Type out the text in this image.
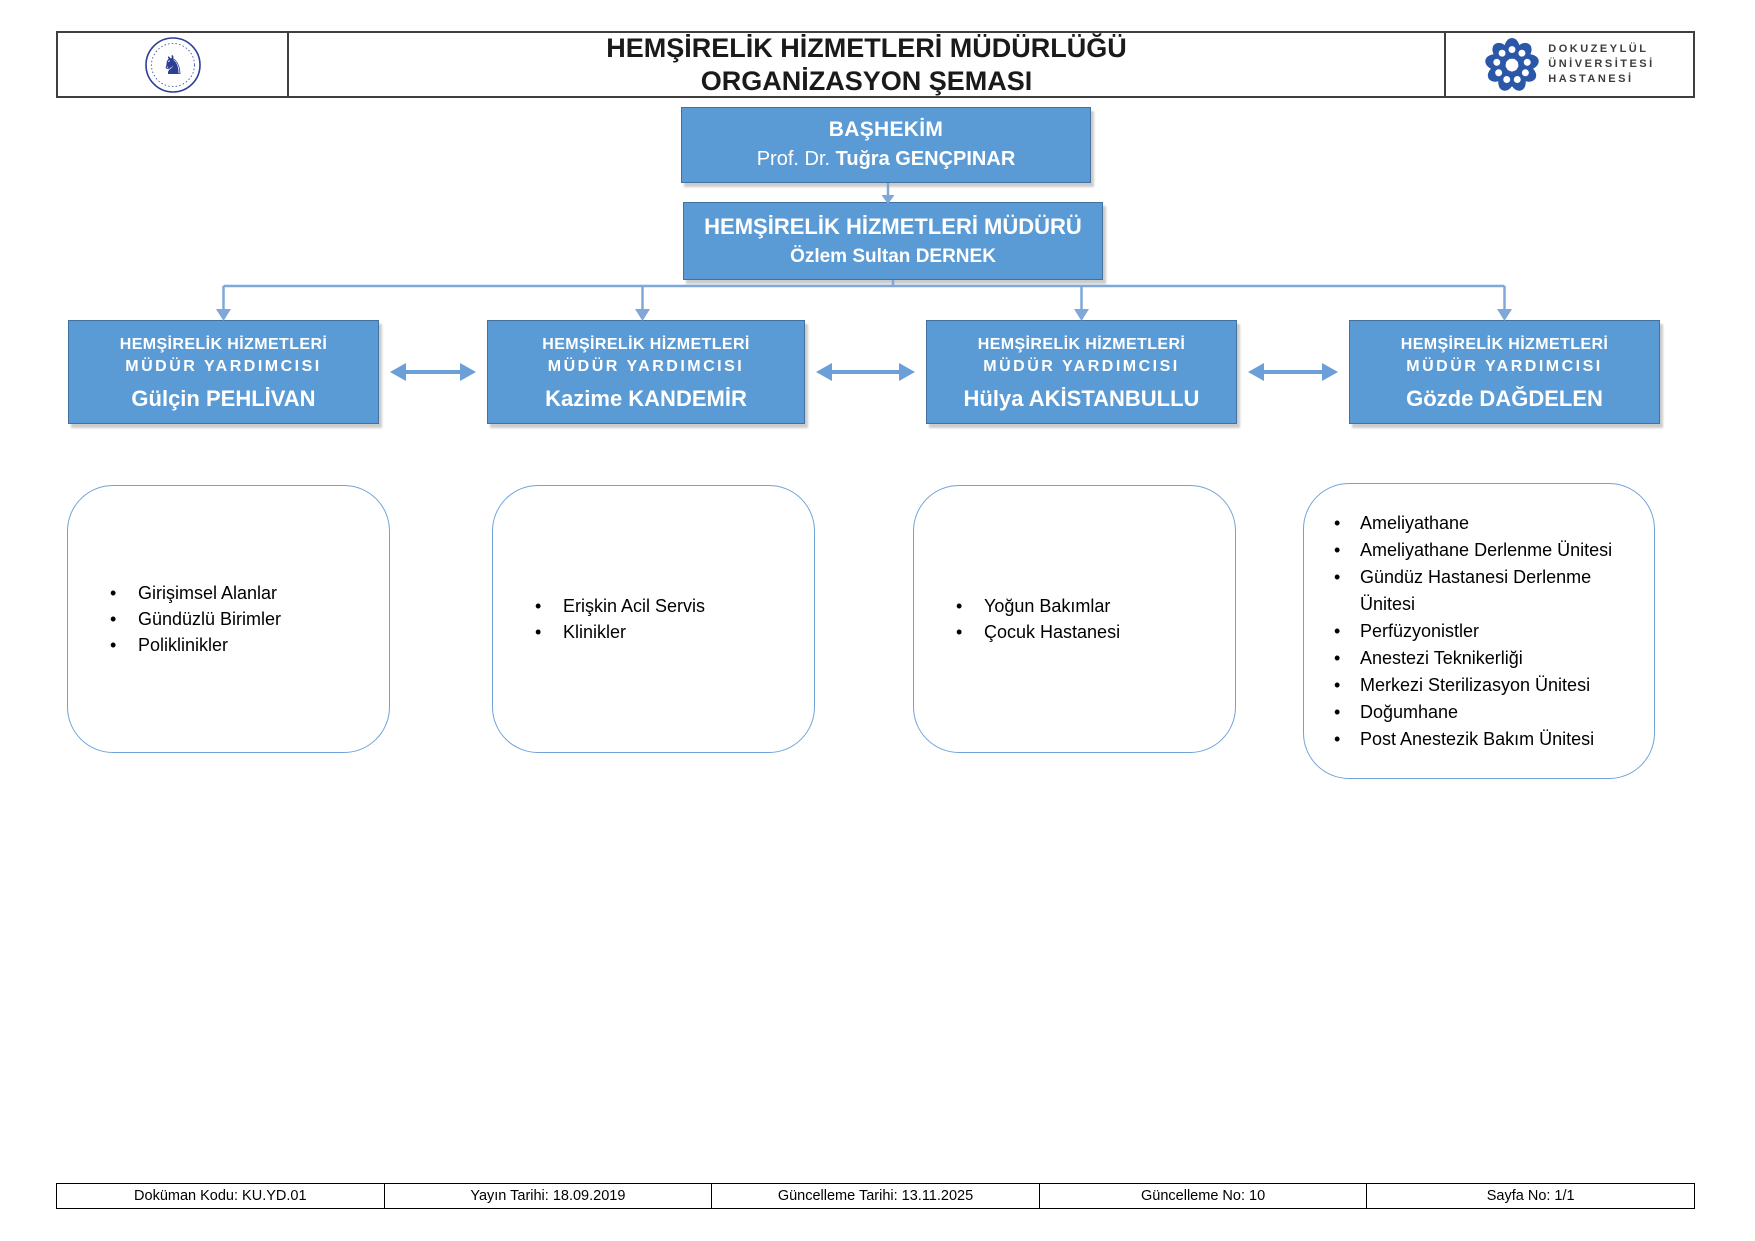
♞
HEMŞİRELİK HİZMETLERİ MÜDÜRLÜĞÜ
ORGANİZASYON ŞEMASI
DOKUZEYLÜL
ÜNİVERSİTESİ
HASTANESİ
BAŞHEKİM
Prof. Dr. Tuğra GENÇPINAR
HEMŞİRELİK HİZMETLERİ MÜDÜRÜ
Özlem Sultan DERNEK
HEMŞİRELİK HİZMETLERİ
MÜDÜR YARDIMCISI
Gülçin PEHLİVAN
HEMŞİRELİK HİZMETLERİ
MÜDÜR YARDIMCISI
Kazime KANDEMİR
HEMŞİRELİK HİZMETLERİ
MÜDÜR YARDIMCISI
Hülya AKİSTANBULLU
HEMŞİRELİK HİZMETLERİ
MÜDÜR YARDIMCISI
Gözde DAĞDELEN
• Girişimsel Alanlar
• Gündüzlü Birimler
• Poliklinikler
• Erişkin Acil Servis
• Klinikler
• Yoğun Bakımlar
• Çocuk Hastanesi
• Ameliyathane
• Ameliyathane Derlenme Ünitesi
• Gündüz Hastanesi Derlenme Ünitesi
• Perfüzyonistler
• Anestezi Teknikerliği
• Merkezi Sterilizasyon Ünitesi
• Doğumhane
• Post Anestezik Bakım Ünitesi
Doküman Kodu: KU.YD.01	Yayın Tarihi: 18.09.2019	Güncelleme Tarihi: 13.11.2025	Güncelleme No: 10	Sayfa No: 1/1
